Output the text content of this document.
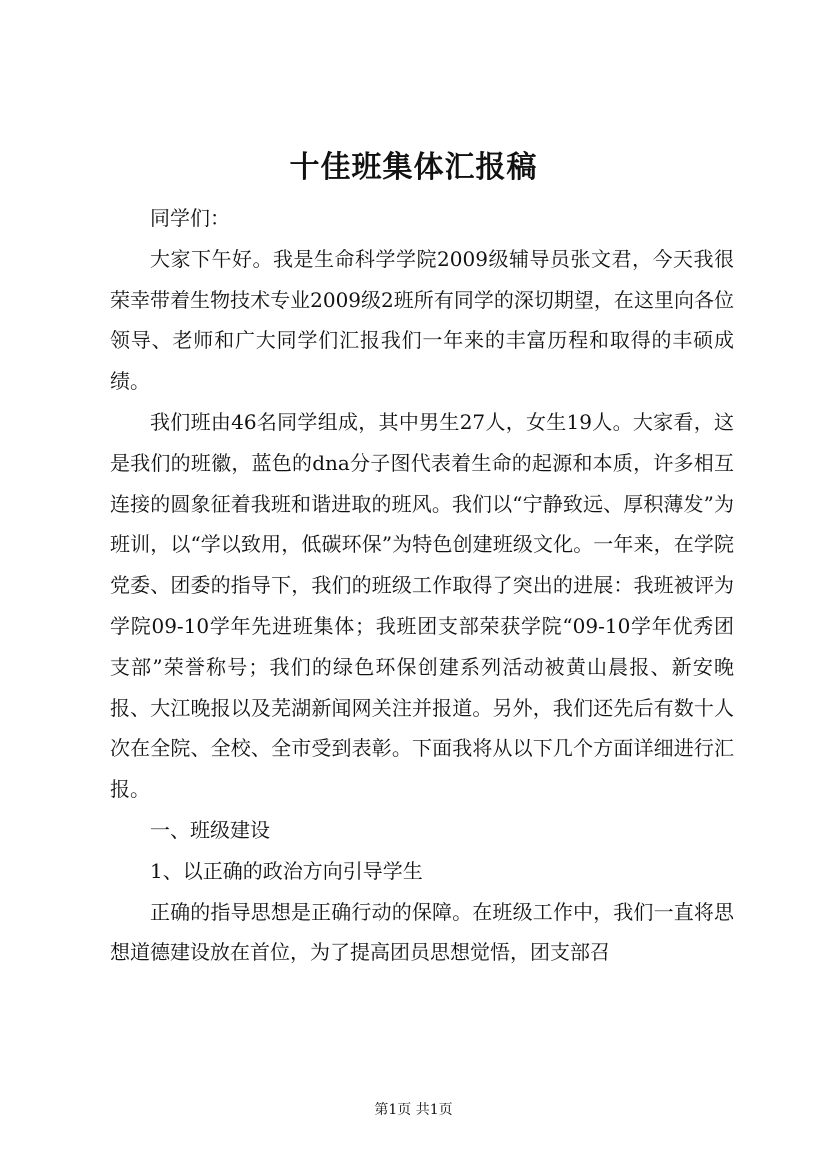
十佳班集体汇报稿

同学们：

大家下午好。我是生命科学学院2009级辅导员张文君，今天我很荣幸带着生物技术专业2009级2班所有同学的深切期望，在这里向各位领导、老师和广大同学们汇报我们一年来的丰富历程和取得的丰硕成绩。

我们班由46名同学组成，其中男生27人，女生19人。大家看，这是我们的班徽，蓝色的dna分子图代表着生命的起源和本质，许多相互连接的圆象征着我班和谐进取的班风。我们以“宁静致远、厚积薄发”为班训，以“学以致用，低碳环保”为特色创建班级文化。一年来，在学院党委、团委的指导下，我们的班级工作取得了突出的进展：我班被评为学院09-10学年先进班集体；我班团支部荣获学院“09-10学年优秀团支部”荣誉称号；我们的绿色环保创建系列活动被黄山晨报、新安晚报、大江晚报以及芜湖新闻网关注并报道。另外，我们还先后有数十人次在全院、全校、全市受到表彰。下面我将从以下几个方面详细进行汇报。

一、班级建设

1、以正确的政治方向引导学生

正确的指导思想是正确行动的保障。在班级工作中，我们一直将思想道德建设放在首位，为了提高团员思想觉悟，团支部召

第1页 共1页
